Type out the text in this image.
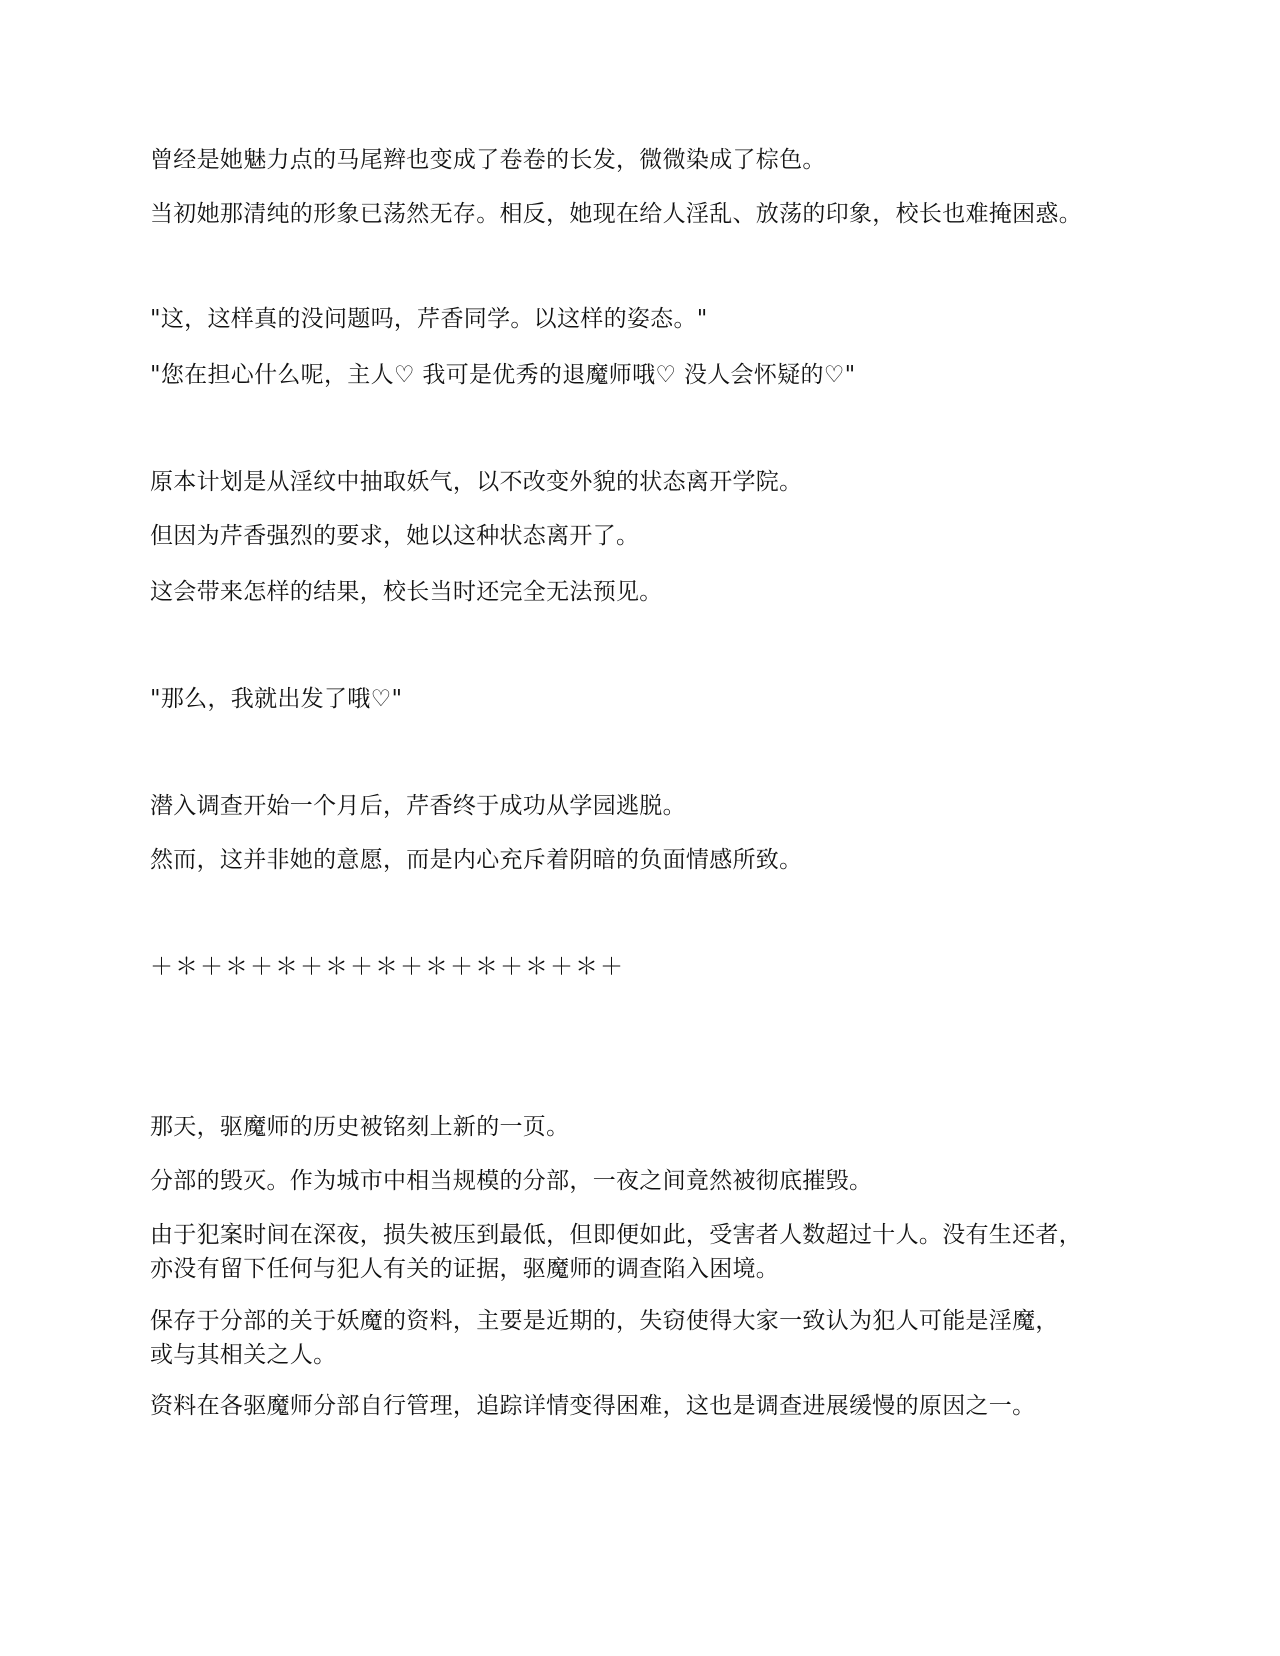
曾经是她魅力点的马尾辫也变成了卷卷的长发，微微染成了棕色。

当初她那清纯的形象已荡然无存。相反，她现在给人淫乱、放荡的印象，校长也难掩困惑。

"这，这样真的没问题吗，芹香同学。以这样的姿态。"

"您在担心什么呢，主人♡ 我可是优秀的退魔师哦♡ 没人会怀疑的♡"

原本计划是从淫纹中抽取妖气，以不改变外貌的状态离开学院。

但因为芹香强烈的要求，她以这种状态离开了。

这会带来怎样的结果，校长当时还完全无法预见。

"那么，我就出发了哦♡"

潜入调查开始一个月后，芹香终于成功从学园逃脱。

然而，这并非她的意愿，而是内心充斥着阴暗的负面情感所致。

＋＊＋＊＋＊＋＊＋＊＋＊＋＊＋＊＋＊＋

那天，驱魔师的历史被铭刻上新的一页。

分部的毁灭。作为城市中相当规模的分部，一夜之间竟然被彻底摧毁。

由于犯案时间在深夜，损失被压到最低，但即便如此，受害者人数超过十人。没有生还者，
亦没有留下任何与犯人有关的证据，驱魔师的调查陷入困境。
保存于分部的关于妖魔的资料，主要是近期的，失窃使得大家一致认为犯人可能是淫魔，
或与其相关之人。

资料在各驱魔师分部自行管理，追踪详情变得困难，这也是调查进展缓慢的原因之一。
